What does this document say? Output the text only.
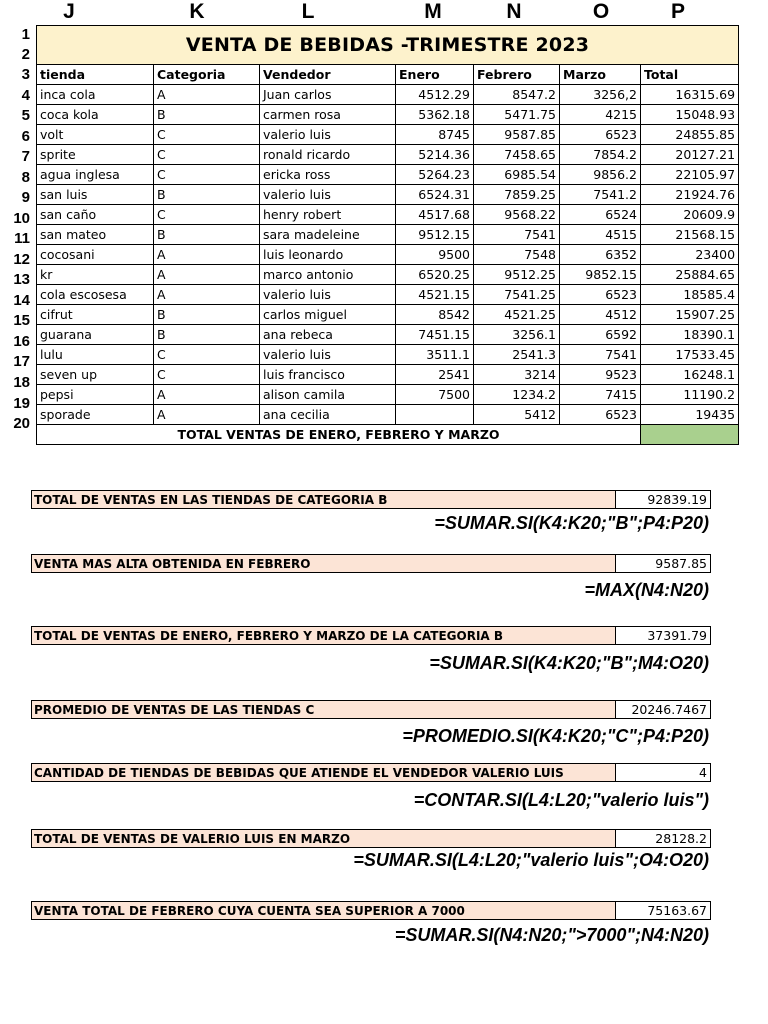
J	K	L	M	N	O	P
1
2
3
4
5
6
7
8
9
10
11
12
13
14
15
16
17
18
19
20
VENTA DE BEBIDAS -TRIMESTRE 2023						
tienda	Categoria	Vendedor	Enero	Febrero	Marzo	Total
inca cola	A	Juan carlos	4512.29	8547.2	3256,2	16315.69
coca kola	B	carmen rosa	5362.18	5471.75	4215	15048.93
volt	C	valerio luis	8745	9587.85	6523	24855.85
sprite	C	ronald ricardo	5214.36	7458.65	7854.2	20127.21
agua inglesa	C	ericka ross	5264.23	6985.54	9856.2	22105.97
san luis	B	valerio luis	6524.31	7859.25	7541.2	21924.76
san caño	C	henry robert	4517.68	9568.22	6524	20609.9
san mateo	B	sara madeleine	9512.15	7541	4515	21568.15
cocosani	A	luis leonardo	9500	7548	6352	23400
kr	A	marco antonio	6520.25	9512.25	9852.15	25884.65
cola escosesa	A	valerio luis	4521.15	7541.25	6523	18585.4
cifrut	B	carlos miguel	8542	4521.25	4512	15907.25
guarana	B	ana rebeca	7451.15	3256.1	6592	18390.1
lulu	C	valerio luis	3511.1	2541.3	7541	17533.45
seven up	C	luis francisco	2541	3214	9523	16248.1
pepsi	A	alison camila	7500	1234.2	7415	11190.2
sporade	A	ana cecilia		5412	6523	19435
TOTAL VENTAS DE ENERO, FEBRERO Y MARZO						
TOTAL DE VENTAS EN LAS TIENDAS DE CATEGORIA B	92839.19
=SUMAR.SI(K4:K20;"B";P4:P20)
VENTA MAS ALTA OBTENIDA EN FEBRERO	9587.85
=MAX(N4:N20)
TOTAL DE VENTAS DE ENERO, FEBRERO Y MARZO DE LA CATEGORIA B	37391.79
=SUMAR.SI(K4:K20;"B";M4:O20)
PROMEDIO DE VENTAS DE LAS TIENDAS C	20246.7467
=PROMEDIO.SI(K4:K20;"C";P4:P20)
CANTIDAD DE TIENDAS DE BEBIDAS QUE ATIENDE EL VENDEDOR VALERIO LUIS	4
=CONTAR.SI(L4:L20;"valerio luis")
TOTAL DE VENTAS DE VALERIO LUIS EN MARZO	28128.2
=SUMAR.SI(L4:L20;"valerio luis";O4:O20)
VENTA TOTAL DE FEBRERO CUYA CUENTA SEA SUPERIOR A 7000	75163.67
=SUMAR.SI(N4:N20;">7000";N4:N20)
